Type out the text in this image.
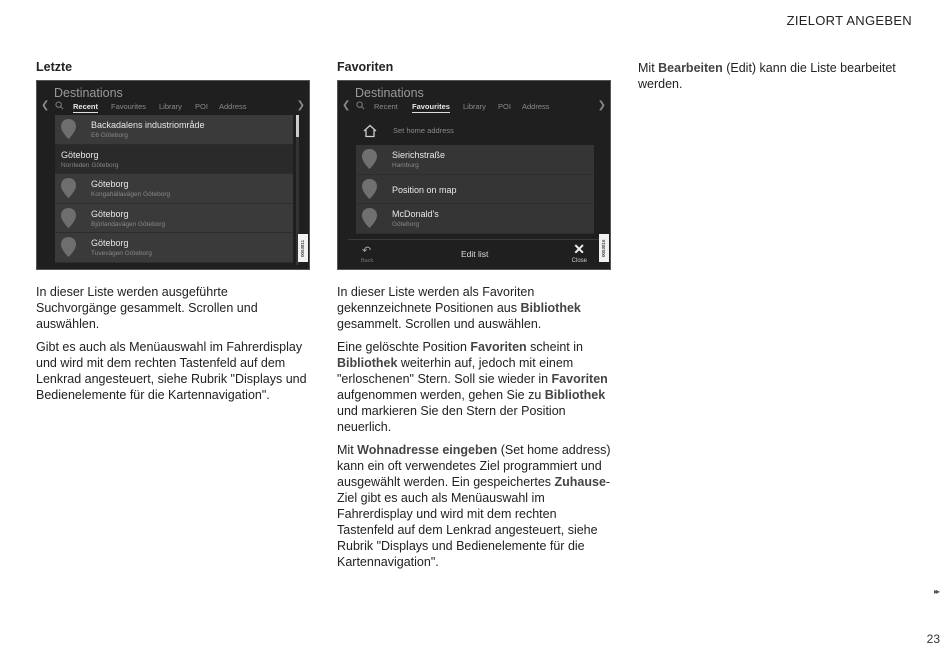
ZIELORT ANGEBEN
Letzte
Destinations
❮	Recent Favourites Library POI Address	❯
Backadalens industriområde
E6 Göteborg
Göteborg
Norrleden Göteborg
Göteborg
Kongahällavägen Göteborg
Göteborg
Björlandavägen Göteborg
Göteborg
Tuvevägen Göteborg	0053811

In dieser Liste werden ausgeführte Suchvorgänge gesammelt. Scrollen und auswählen.

Gibt es auch als Menüauswahl im Fahrerdisplay und wird mit dem rechten Tastenfeld auf dem Lenkrad angesteuert, siehe Rubrik "Displays und Bedienelemente für die Kartennavigation".

Favoriten
Destinations
❮	Recent Favourites Library POI Address	❯
Set home address
Sierichstraße
Hamburg
Position on map
McDonald's
Göteborg
↶
Back
Edit list	✕
Close
0053816

In dieser Liste werden als Favoriten gekennzeichnete Positionen aus Bibliothek gesammelt. Scrollen und auswählen.

Eine gelöschte Position Favoriten scheint in Bibliothek weiterhin auf, jedoch mit einem "erloschenen" Stern. Soll sie wieder in Favoriten aufgenommen werden, gehen Sie zu Bibliothek und markieren Sie den Stern der Position neuerlich.

Mit Wohnadresse eingeben (Set home address) kann ein oft verwendetes Ziel programmiert und ausgewählt werden. Ein gespeichertes Zuhause-Ziel gibt es auch als Menüauswahl im Fahrerdisplay und wird mit dem rechten Tastenfeld auf dem Lenkrad angesteuert, siehe Rubrik "Displays und Bedienelemente für die Kartennavigation".

Mit Bearbeiten (Edit) kann die Liste bearbeitet werden.

▸▸
23
